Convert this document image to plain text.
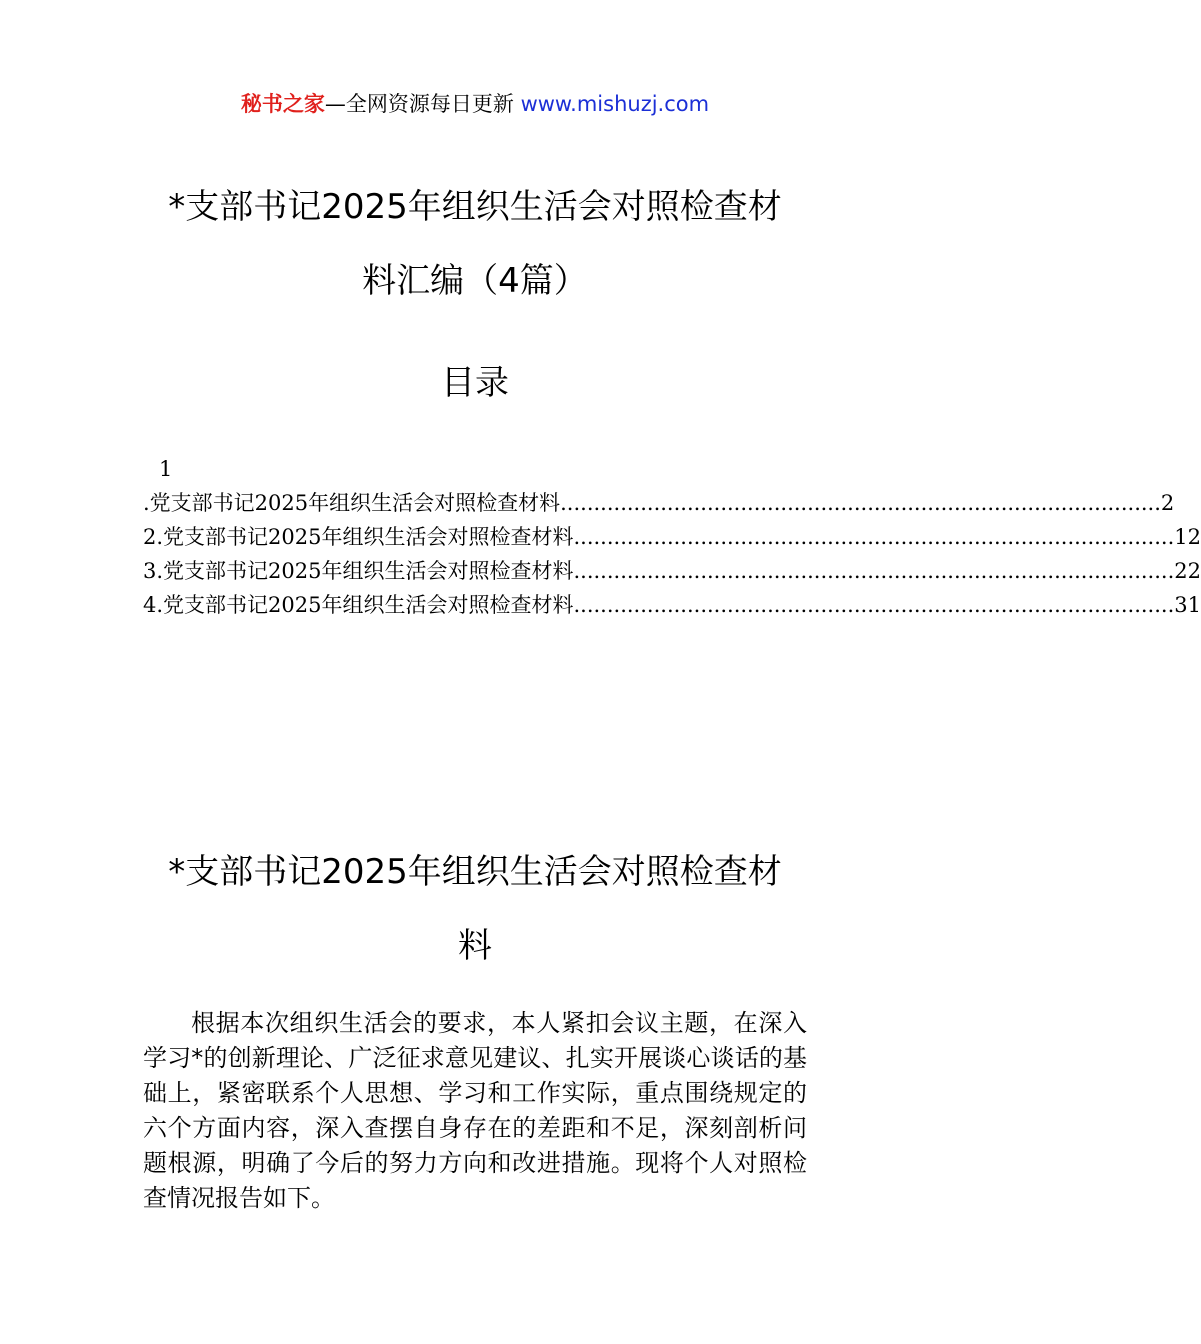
秘书之家—全网资源每日更新 www.mishuzj.com
*支部书记2025年组织生活会对照检查材
料汇编（4篇）
目录
1
.党支部书记2025年组织生活会对照检查材料 .......................................................................................... 2
2.党支部书记2025年组织生活会对照检查材料 .......................................................................................... 12
3.党支部书记2025年组织生活会对照检查材料 .......................................................................................... 22
4.党支部书记2025年组织生活会对照检查材料 .......................................................................................... 31
*支部书记2025年组织生活会对照检查材
料
根据本次组织生活会的要求，本人紧扣会议主题，在深入学习*的创新理论、广泛征求意见建议、扎实开展谈心谈话的基础上，紧密联系个人思想、学习和工作实际，重点围绕规定的六个方面内容，深入查摆自身存在的差距和不足，深刻剖析问题根源，明确了今后的努力方向和改进措施。现将个人对照检查情况报告如下。
